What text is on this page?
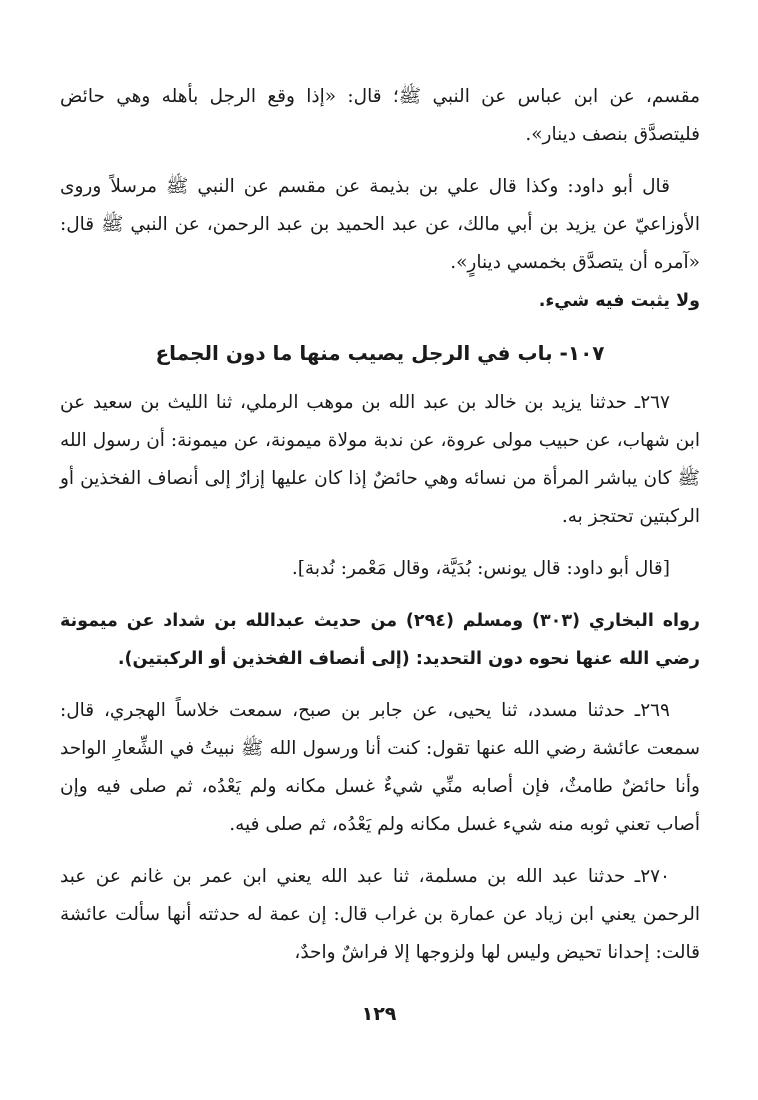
مقسم، عن ابن عباس عن النبي ﷺ؛ قال: «إذا وقع الرجل بأهله وهي حائض فليتصدَّق بنصف دينار».

قال أبو داود: وكذا قال علي بن بذيمة عن مقسم عن النبي ﷺ مرسلاً وروى الأوزاعيّ عن يزيد بن أبي مالك، عن عبد الحميد بن عبد الرحمن، عن النبي ﷺ قال: «آمره أن يتصدَّق بخمسي دينارٍ».

ولا يثبت فيه شيء.

١٠٧- باب في الرجل يصيب منها ما دون الجماع

٢٦٧ـ حدثنا يزيد بن خالد بن عبد الله بن موهب الرملي، ثنا الليث بن سعيد عن ابن شهاب، عن حبيب مولى عروة، عن ندبة مولاة ميمونة، عن ميمونة: أن رسول الله ﷺ كان يباشر المرأة من نسائه وهي حائضٌ إذا كان عليها إزارٌ إلى أنصاف الفخذين أو الركبتين تحتجز به.

[قال أبو داود: قال يونس: بُدَيَّة، وقال مَعْمر: نُدبة].

رواه البخاري (٣٠٣) ومسلم (٢٩٤) من حديث عبدالله بن شداد عن ميمونة رضي الله عنها نحوه دون التحديد: (إلى أنصاف الفخذين أو الركبتين).

٢٦٩ـ حدثنا مسدد، ثنا يحيى، عن جابر بن صبح، سمعت خلاساً الهجري، قال: سمعت عائشة رضي الله عنها تقول: كنت أنا ورسول الله ﷺ نبيتُ في الشِّعارِ الواحد وأنا حائضٌ طامثٌ، فإن أصابه منِّي شيءٌ غسل مكانه ولم يَعْدُه، ثم صلى فيه وإن أصاب تعني ثوبه منه شيء غسل مكانه ولم يَعْدُه، ثم صلى فيه.

٢٧٠ـ حدثنا عبد الله بن مسلمة، ثنا عبد الله يعني ابن عمر بن غانم عن عبد الرحمن يعني ابن زياد عن عمارة بن غراب قال: إن عمة له حدثته أنها سألت عائشة قالت: إحدانا تحيض وليس لها ولزوجها إلا فراشٌ واحدٌ،

١٢٩
